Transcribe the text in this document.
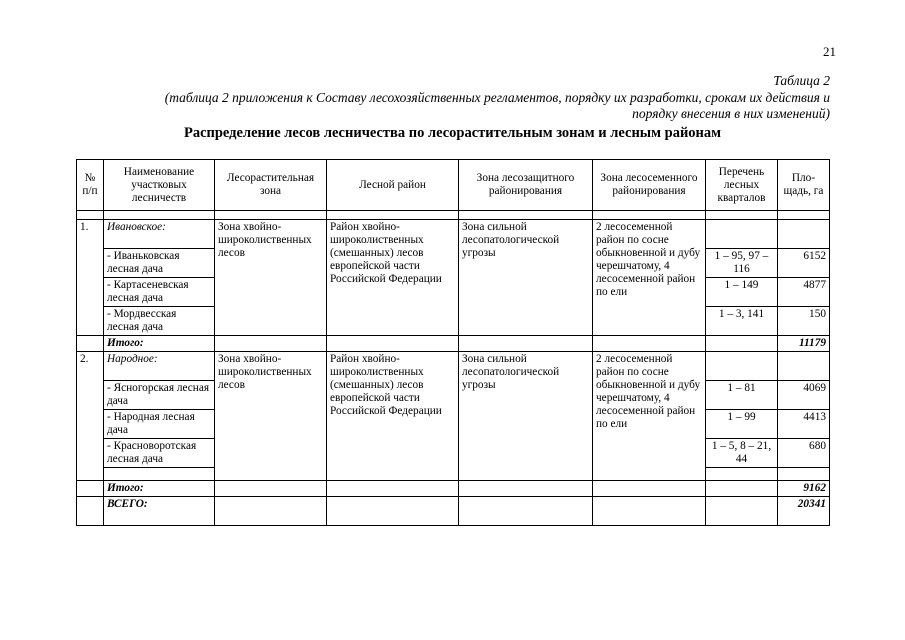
21
Таблица 2
(таблица 2 приложения к Составу лесохозяйственных регламентов, порядку их разработки, срокам их действия и
порядку внесения в них изменений)
Распределение лесов лесничества по лесорастительным зонам и лесным районам
№ п/п	Наименование участковых лесничеств	Лесорастительная зона	Лесной район	Зона лесозащитного районирования	Зона лесосеменного районирования	Перечень лесных кварталов	Пло-щадь, га

1.	Ивановское:	Зона хвойно-широколиственных лесов	Район хвойно-широколиственных (смешанных) лесов европейской части Российской Федерации	Зона сильной лесопатологической угрозы	2 лесосеменной район по сосне обыкновенной и дубу черешчатому, 4 лесосеменной район по ели		
	- Иваньковская лесная дача					1 – 95, 97 – 116	6152
	- Картасеневская лесная дача					1 – 149	4877
	- Мордвесская лесная дача					1 – 3, 141	150
	Итого:						11179
2.	Народное:	Зона хвойно-широколиственных лесов	Район хвойно-широколиственных (смешанных) лесов европейской части Российской Федерации	Зона сильной лесопатологической угрозы	2 лесосеменной район по сосне обыкновенной и дубу черешчатому, 4 лесосеменной район по ели		
	- Ясногорская лесная дача					1 – 81	4069
	- Народная лесная дача					1 – 99	4413
	- Красноворотская лесная дача					1 – 5, 8 – 21, 44	680

	Итого:						9162
	ВСЕГО:						20341
